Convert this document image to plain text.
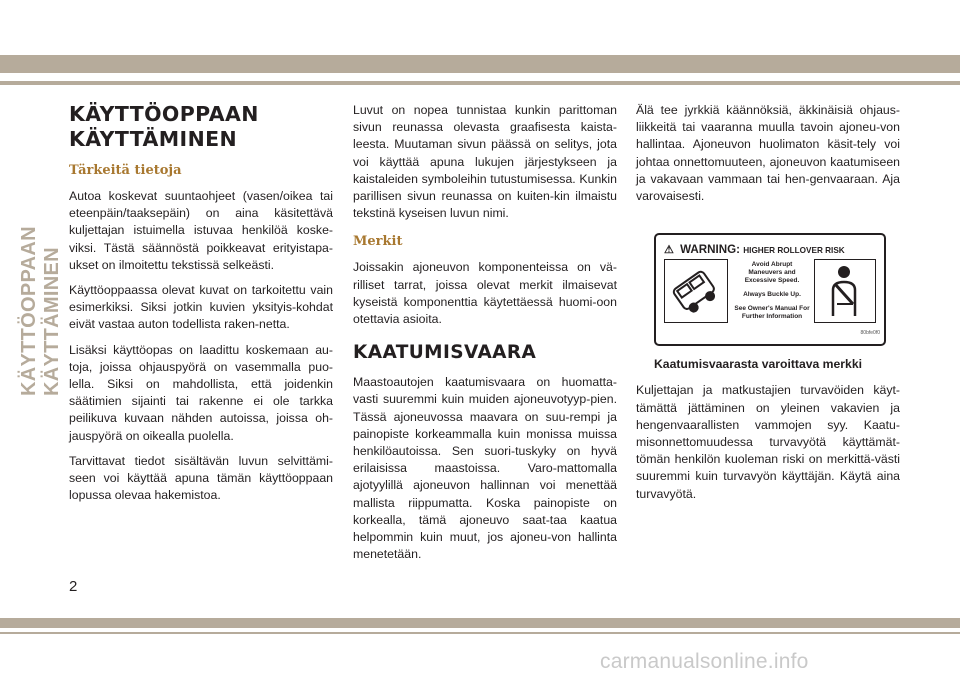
KÄYTTÖOPPAAN KÄYTTÄMINEN
KÄYTTÖOPPAAN
KÄYTTÄMINEN
Tärkeitä tietoja

Autoa koskevat suuntaohjeet (vasen/oikea tai eteenpäin/taaksepäin) on aina käsitettävä kuljettajan istuimella istuvaa henkilöä koske-viksi. Tästä säännöstä poikkeavat erityistapa-ukset on ilmoitettu tekstissä selkeästi.

Käyttöoppaassa olevat kuvat on tarkoitettu vain esimerkiksi. Siksi jotkin kuvien yksityis-kohdat eivät vastaa auton todellista raken-netta.

Lisäksi käyttöopas on laadittu koskemaan au-toja, joissa ohjauspyörä on vasemmalla puo-lella. Siksi on mahdollista, että joidenkin säätimien sijainti tai rakenne ei ole tarkka peilikuva kuvaan nähden autoissa, joissa oh-jauspyörä on oikealla puolella.

Tarvittavat tiedot sisältävän luvun selvittämi-seen voi käyttää apuna tämän käyttöoppaan lopussa olevaa hakemistoa.

Luvut on nopea tunnistaa kunkin parittoman sivun reunassa olevasta graafisesta kaista-leesta. Muutaman sivun päässä on selitys, jota voi käyttää apuna lukujen järjestykseen ja kaistaleiden symboleihin tutustumisessa. Kunkin parillisen sivun reunassa on kuiten-kin ilmaistu tekstinä kyseisen luvun nimi.

Merkit

Joissakin ajoneuvon komponenteissa on vä-rilliset tarrat, joissa olevat merkit ilmaisevat kyseistä komponenttia käytettäessä huomi-oon otettavia asioita.

KAATUMISVAARA

Maastoautojen kaatumisvaara on huomatta-vasti suuremmi kuin muiden ajoneuvotyyp-pien. Tässä ajoneuvossa maavara on suu-rempi ja painopiste korkeammalla kuin monissa muissa henkilöautoissa. Sen suori-tuskyky on hyvä erilaisissa maastoissa. Varo-mattomalla ajotyylillä ajoneuvon hallinnan voi menettää mallista riippumatta. Koska painopiste on korkealla, tämä ajoneuvo saat-taa kaatua helpommin kuin muut, jos ajoneu-von hallinta menetetään.

Älä tee jyrkkiä käännöksiä, äkkinäisiä ohjaus-liikkeitä tai vaaranna muulla tavoin ajoneu-von hallintaa. Ajoneuvon huolimaton käsit-tely voi johtaa onnettomuuteen, ajoneuvon kaatumiseen ja vakavaan vammaan tai hen-genvaaraan. Aja varovaisesti.

⚠ WARNING: HIGHER ROLLOVER RISK
Avoid Abrupt Maneuvers and Excessive Speed.
Always Buckle Up.
See Owner's Manual For Further Information
80bfe0f0
Kaatumisvaarasta varoittava merkki

Kuljettajan ja matkustajien turvavöiden käyt-tämättä jättäminen on yleinen vakavien ja hengenvaarallisten vammojen syy. Kaatu-misonnettomuudessa turvavyötä käyttämät-tömän henkilön kuoleman riski on merkittä-västi suuremmi kuin turvavyön käyttäjän. Käytä aina turvavyötä.

2
carmanualsonline.info
